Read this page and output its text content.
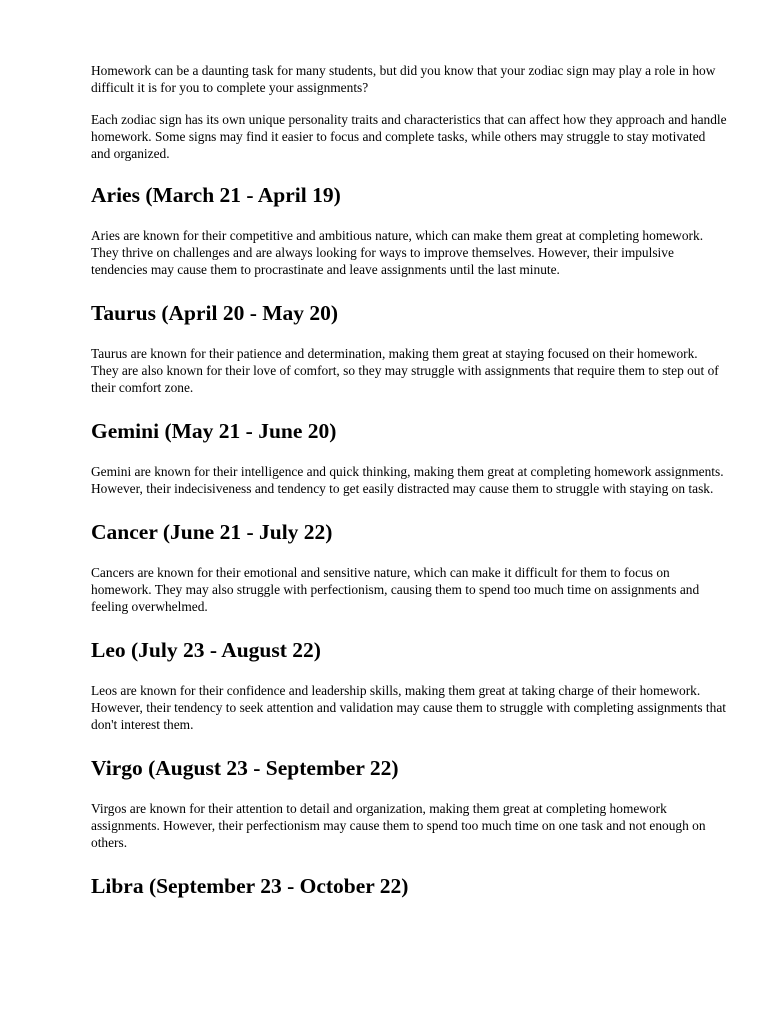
Homework can be a daunting task for many students, but did you know that your zodiac sign may play a role in how difficult it is for you to complete your assignments?

Each zodiac sign has its own unique personality traits and characteristics that can affect how they approach and handle homework. Some signs may find it easier to focus and complete tasks, while others may struggle to stay motivated and organized.

Aries (March 21 - April 19)

Aries are known for their competitive and ambitious nature, which can make them great at completing homework. They thrive on challenges and are always looking for ways to improve themselves. However, their impulsive tendencies may cause them to procrastinate and leave assignments until the last minute.

Taurus (April 20 - May 20)

Taurus are known for their patience and determination, making them great at staying focused on their homework. They are also known for their love of comfort, so they may struggle with assignments that require them to step out of their comfort zone.

Gemini (May 21 - June 20)

Gemini are known for their intelligence and quick thinking, making them great at completing homework assignments. However, their indecisiveness and tendency to get easily distracted may cause them to struggle with staying on task.

Cancer (June 21 - July 22)

Cancers are known for their emotional and sensitive nature, which can make it difficult for them to focus on homework. They may also struggle with perfectionism, causing them to spend too much time on assignments and feeling overwhelmed.

Leo (July 23 - August 22)

Leos are known for their confidence and leadership skills, making them great at taking charge of their homework. However, their tendency to seek attention and validation may cause them to struggle with completing assignments that don't interest them.

Virgo (August 23 - September 22)

Virgos are known for their attention to detail and organization, making them great at completing homework assignments. However, their perfectionism may cause them to spend too much time on one task and not enough on others.

Libra (September 23 - October 22)
